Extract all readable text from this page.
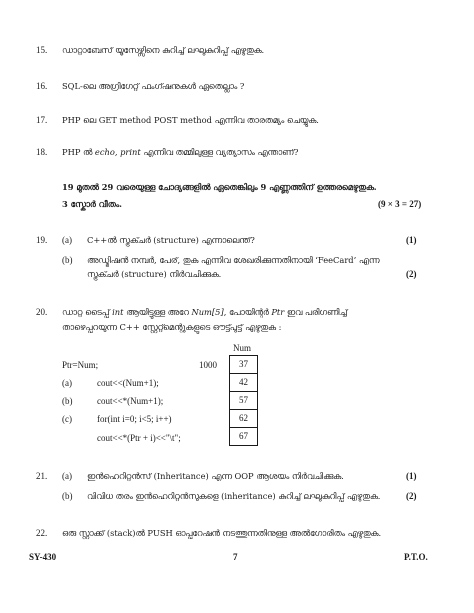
15. ഡാറ്റാബേസ് യൂസേഴ്സിനെ കുറിച്ച് ലഘുകുറിപ്പ് എഴുതുക.
16. SQL-ലെ അഗ്രിഗേറ്റ് ഫംഗ്ഷനുകൾ ഏതെല്ലാം ?
17. PHP ലെ GET method POST method എന്നിവ താരതമ്യം ചെയ്യുക.
18. PHP ൽ echo, print എന്നിവ തമ്മിലുള്ള വ്യത്യാസം എന്താണ്?
19 മുതൽ 29 വരെയുള്ള ചോദ്യങ്ങളിൽ ഏതെങ്കിലും 9 എണ്ണത്തിന് ഉത്തരമെഴുതുക.
3 സ്കോർ വീതം.	(9 × 3 = 27)
19. (a) C++ൽ സ്ട്രക്ചർ (structure) എന്നാലെന്ത്?	(1)
(b) അഡ്മിഷൻ നമ്പർ, പേര്, തുക എന്നിവ ശേഖരിക്കുന്നതിനായി ‘FeeCard’ എന്ന
സ്ട്രക്ചർ (structure) നിർവചിക്കുക.	(2)
20. ഡാറ്റ ടൈപ്പ് int ആയിട്ടുള്ള അറേ Num[5], പോയിന്റർ Ptr ഇവ പരിഗണിച്ച്
താഴെപ്പറയുന്ന C++ സ്റ്റേറ്റ്മെന്റുകളുടെ ഔട്ട്പുട്ട് എഴുതുക :
Num
1000	37
42
57
62
67
Ptr=Num;
(a)	cout<<(Num+1);
(b)	cout<<*(Num+1);
(c)	for(int i=0; i<5; i++)
cout<<*(Ptr + i)<<"\t";
21. (a) ഇൻഹെറിറ്റൻസ് (Inheritance) എന്ന OOP ആശയം നിർവചിക്കുക.	(1)
(b) വിവിധ തരം ഇൻഹെറിറ്റൻസുകളെ (inheritance) കുറിച്ച് ലഘുകുറിപ്പ് എഴുതുക.	(2)
22. ഒരു സ്റ്റാക്ക് (stack)ൽ PUSH ഓപ്പറേഷൻ നടത്തുന്നതിനുള്ള അൽഗോരിതം എഴുതുക.
SY-430	7	P.T.O.
